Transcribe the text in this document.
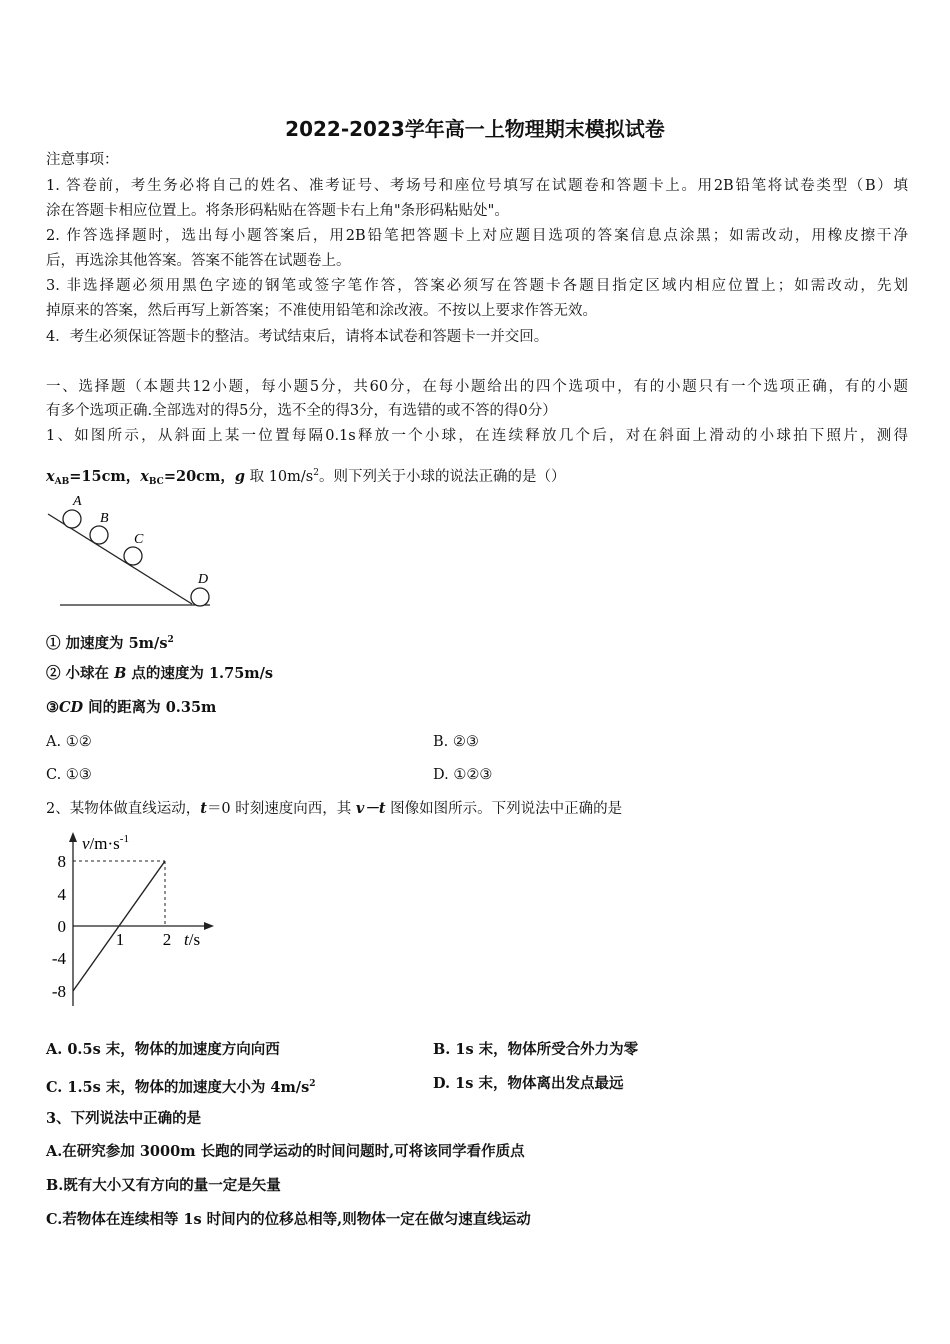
2022-2023学年高一上物理期末模拟试卷
注意事项：
1. 答卷前，考生务必将自己的姓名、准考证号、考场号和座位号填写在试题卷和答题卡上。用2B铅笔将试卷类型（B）填
涂在答题卡相应位置上。将条形码粘贴在答题卡右上角"条形码粘贴处"。
2. 作答选择题时，选出每小题答案后，用2B铅笔把答题卡上对应题目选项的答案信息点涂黑；如需改动，用橡皮擦干净
后，再选涂其他答案。答案不能答在试题卷上。
3. 非选择题必须用黑色字迹的钢笔或签字笔作答，答案必须写在答题卡各题目指定区域内相应位置上；如需改动，先划
掉原来的答案，然后再写上新答案；不准使用铅笔和涂改液。不按以上要求作答无效。
4．考生必须保证答题卡的整洁。考试结束后，请将本试卷和答题卡一并交回。
一、选择题（本题共12小题，每小题5分，共60分，在每小题给出的四个选项中，有的小题只有一个选项正确，有的小题
有多个选项正确.全部选对的得5分，选不全的得3分，有选错的或不答的得0分）
1、如图所示，从斜面上某一位置每隔0.1s释放一个小球，在连续释放几个后，对在斜面上滑动的小球拍下照片，测得
$x_{AB}=15cm$，$x_{BC}=20cm$，g 取 $10m/s^2$。则下列关于小球的说法正确的是（）
A
B
C
D
① 加速度为 $5m/s^2$
② 小球在 B 点的速度为 1.75m/s
③CD 间的距离为 0.35m
A. ①②	B. ②③
C. ①③	D. ①②③
2、某物体做直线运动，t＝0 时刻速度向西，其 v－t 图像如图所示。下列说法中正确的是
8
4
0
-4
-8
1 2
$v/m\cdot s^{-1}$
t/s
A. 0.5s 末，物体的加速度方向向西	B. 1s 末，物体所受合外力为零
C. 1.5s 末，物体的加速度大小为 $4m/s^2$	D. 1s 末，物体离出发点最远
3、下列说法中正确的是
A.在研究参加 3000m 长跑的同学运动的时间问题时,可将该同学看作质点
B.既有大小又有方向的量一定是矢量
C.若物体在连续相等 1s 时间内的位移总相等,则物体一定在做匀速直线运动
